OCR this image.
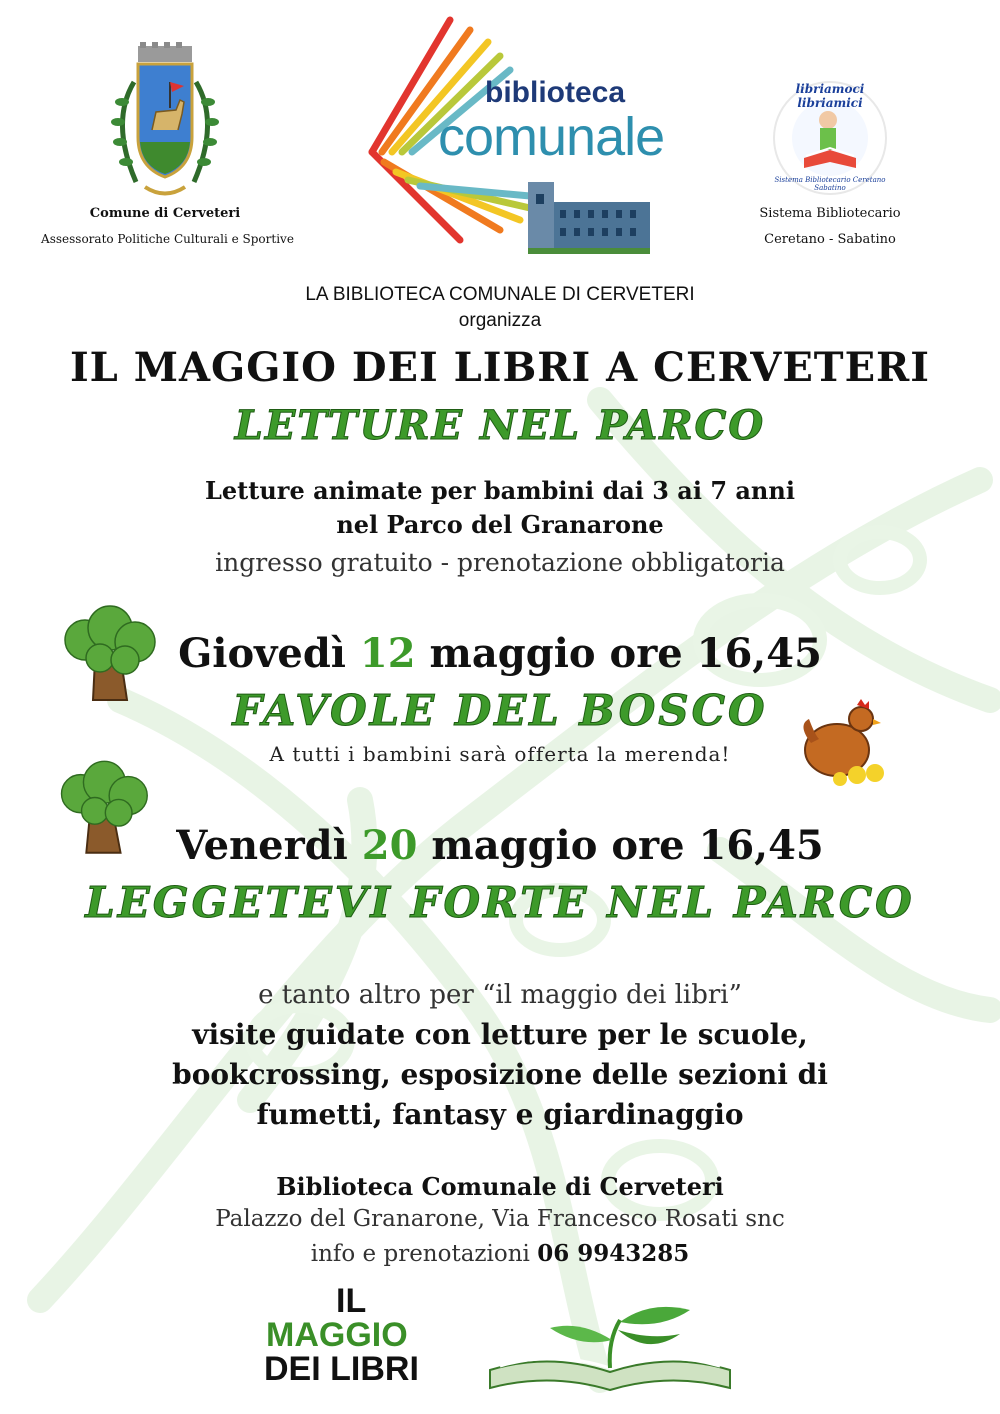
Comune di Cerveteri
Assessorato Politiche Culturali e Sportive
biblioteca
comunale
libriamoci libriamici
Sistema Bibliotecario Ceretano Sabatino
Sistema Bibliotecario
Ceretano - Sabatino
LA BIBLIOTECA COMUNALE DI CERVETERI
organizza
IL MAGGIO DEI LIBRI A CERVETERI
LETTURE NEL PARCO
Letture animate per bambini dai 3 ai 7 anni
nel Parco del Granarone
ingresso gratuito - prenotazione obbligatoria
Giovedì 12 maggio ore 16,45
FAVOLE DEL BOSCO
A tutti i bambini sarà offerta la merenda!
Venerdì 20 maggio ore 16,45
LEGGETEVI FORTE NEL PARCO
e tanto altro per “il maggio dei libri”
visite guidate con letture per le scuole,
bookcrossing, esposizione delle sezioni di
fumetti, fantasy e giardinaggio
Biblioteca Comunale di Cerveteri
Palazzo del Granarone, Via Francesco Rosati snc
info e prenotazioni 06 9943285
IL
MAGGIO
DEI LIBRI
